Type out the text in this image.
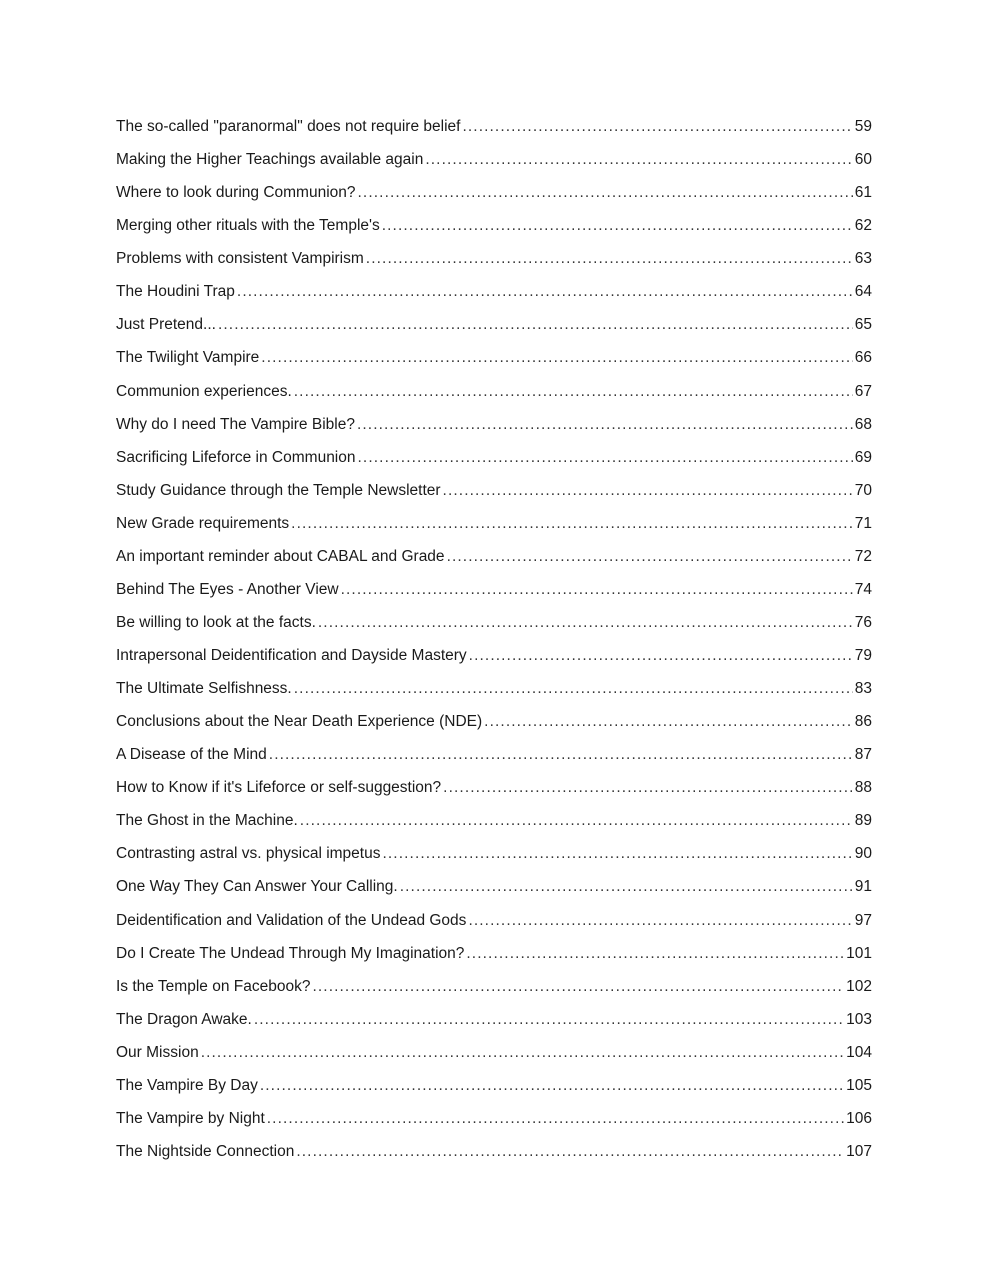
The so-called "paranormal" does not require belief . . .	59
Making the Higher Teachings available again . . .	60
Where to look during Communion? . . .	61
Merging other rituals with the Temple's . . .	62
Problems with consistent Vampirism . . .	63
The Houdini Trap . . .	64
Just Pretend... . . .	65
The Twilight Vampire . . .	66
Communion experiences. . . .	67
Why do I need The Vampire Bible? . . .	68
Sacrificing Lifeforce in Communion . . .	69
Study Guidance through the Temple Newsletter . . .	70
New Grade requirements . . .	71
An important reminder about CABAL and Grade . . .	72
Behind The Eyes - Another View . . .	74
Be willing to look at the facts. . . .	76
Intrapersonal Deidentification and Dayside Mastery . . .	79
The Ultimate Selfishness. . . .	83
Conclusions about the Near Death Experience (NDE) . . .	86
A Disease of the Mind . . .	87
How to Know if it's Lifeforce or self-suggestion? . . .	88
The Ghost in the Machine. . . .	89
Contrasting astral vs. physical impetus . . .	90
One Way They Can Answer Your Calling. . . .	91
Deidentification and Validation of the Undead Gods . . .	97
Do I Create The Undead Through My Imagination? . . .	101
Is the Temple on Facebook? . . .	102
The Dragon Awake. . . .	103
Our Mission . . .	104
The Vampire By Day . . .	105
The Vampire by Night . . .	106
The Nightside Connection . . .	107
